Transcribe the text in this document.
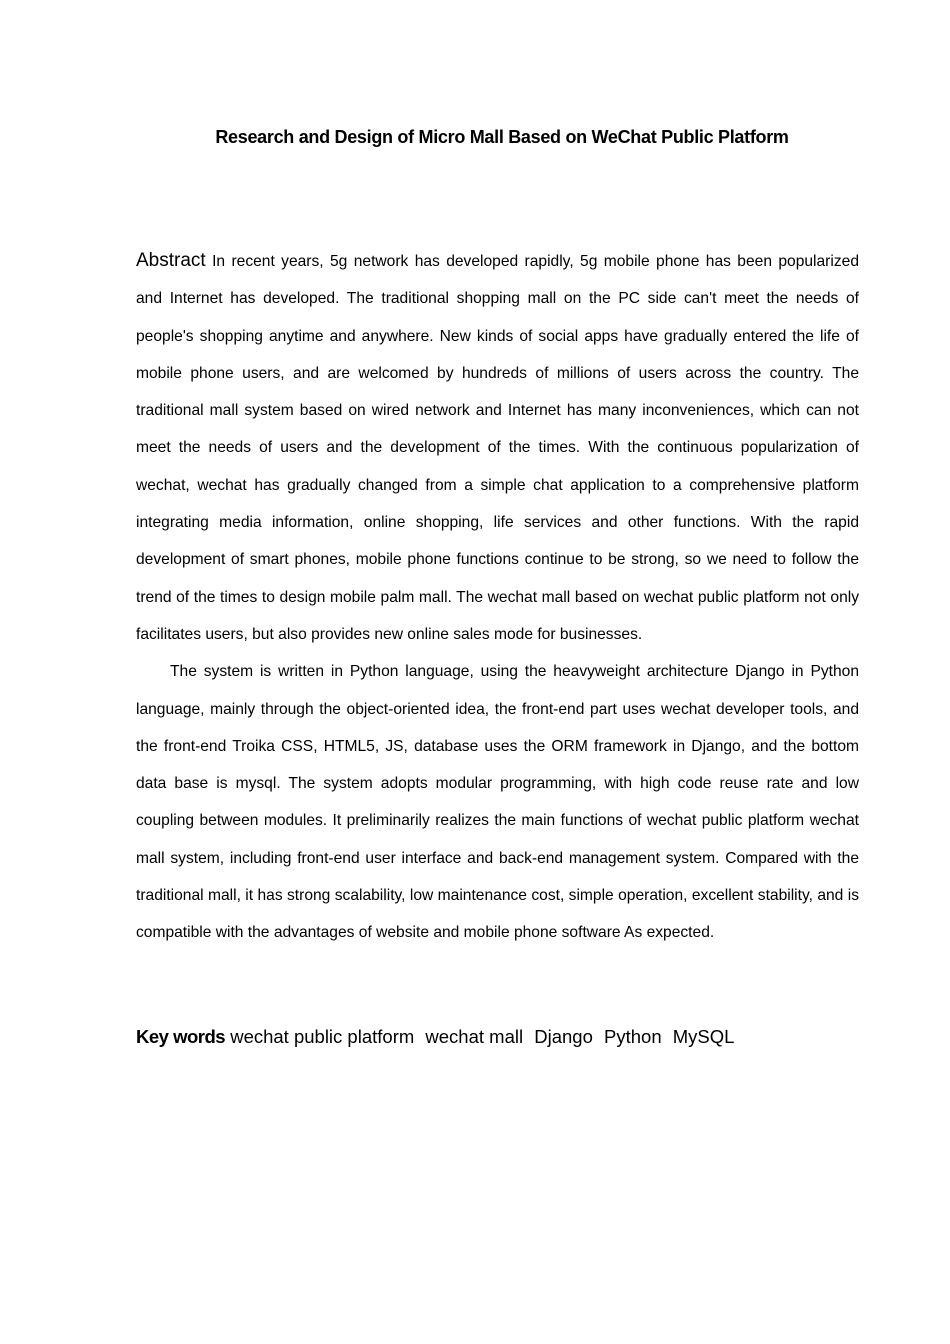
Research and Design of Micro Mall Based on WeChat Public Platform

Abstract In recent years, 5g network has developed rapidly, 5g mobile phone has been popularized and Internet has developed. The traditional shopping mall on the PC side can't meet the needs of people's shopping anytime and anywhere. New kinds of social apps have gradually entered the life of mobile phone users, and are welcomed by hundreds of millions of users across the country. The traditional mall system based on wired network and Internet has many inconveniences, which can not meet the needs of users and the development of the times. With the continuous popularization of wechat, wechat has gradually changed from a simple chat application to a comprehensive platform integrating media information, online shopping, life services and other functions. With the rapid development of smart phones, mobile phone functions continue to be strong, so we need to follow the trend of the times to design mobile palm mall. The wechat mall based on wechat public platform not only facilitates users, but also provides new online sales mode for businesses.

The system is written in Python language, using the heavyweight architecture Django in Python language, mainly through the object-oriented idea, the front-end part uses wechat developer tools, and the front-end Troika CSS, HTML5, JS, database uses the ORM framework in Django, and the bottom data base is mysql. The system adopts modular programming, with high code reuse rate and low coupling between modules. It preliminarily realizes the main functions of wechat public platform wechat mall system, including front-end user interface and back-end management system. Compared with the traditional mall, it has strong scalability, low maintenance cost, simple operation, excellent stability, and is compatible with the advantages of website and mobile phone software As expected.

Key words wechat public platform wechat mall Django Python MySQL
